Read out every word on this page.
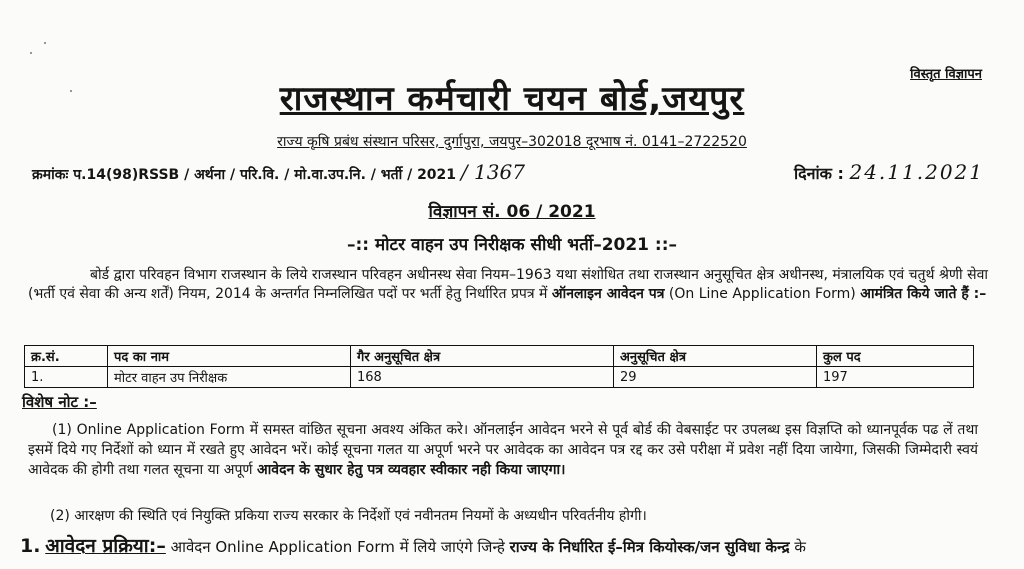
विस्तृत विज्ञापन
राजस्थान कर्मचारी चयन बोर्ड,जयपुर
राज्य कृषि प्रबंध संस्थान परिसर, दुर्गापुरा, जयपुर–302018 दूरभाष नं. 0141–2722520
क्रमांकः प.14(98)RSSB / अर्थना / परि.वि. / मो.वा.उप.नि. / भर्ती / 2021 / 1367	दिनांक : 24.11.2021
विज्ञापन सं. 06 / 2021
–:: मोटर वाहन उप निरीक्षक सीधी भर्ती–2021 ::–
बोर्ड द्वारा परिवहन विभाग राजस्थान के लिये राजस्थान परिवहन अधीनस्थ सेवा नियम–1963 यथा संशोधित तथा राजस्थान अनुसूचित क्षेत्र अधीनस्थ, मंत्रालयिक एवं चतुर्थ श्रेणी सेवा (भर्ती एवं सेवा की अन्य शर्तें) नियम, 2014 के अन्तर्गत निम्नलिखित पदों पर भर्ती हेतु निर्धारित प्रपत्र में ऑनलाइन आवेदन पत्र (On Line Application Form) आमंत्रित किये जाते हैं :–
क्र.सं.	पद का नाम	गैर अनुसूचित क्षेत्र	अनुसूचित क्षेत्र	कुल पद
1.	मोटर वाहन उप निरीक्षक	168	29	197
विशेष नोट :–
(1) Online Application Form में समस्त वांछित सूचना अवश्य अंकित करे। ऑनलाईन आवेदन भरने से पूर्व बोर्ड की वेबसाईट पर उपलब्ध इस विज्ञप्ति को ध्यानपूर्वक पढ लें तथा इसमें दिये गए निर्देशों को ध्यान में रखते हुए आवेदन भरें। कोई सूचना गलत या अपूर्ण भरने पर आवेदक का आवेदन पत्र रद्द कर उसे परीक्षा में प्रवेश नहीं दिया जायेगा, जिसकी जिम्मेदारी स्वयं आवेदक की होगी तथा गलत सूचना या अपूर्ण आवेदन के सुधार हेतु पत्र व्यवहार स्वीकार नही किया जाएगा।
(2) आरक्षण की स्थिति एवं नियुक्ति प्रकिया राज्य सरकार के निर्देशों एवं नवीनतम नियमों के अध्यधीन परिवर्तनीय होगी।
1. आवेदन प्रक्रिया:– आवेदन Online Application Form में लिये जाएंगे जिन्हे राज्य के निर्धारित ई–मित्र कियोस्क/जन सुविधा केन्द्र के
